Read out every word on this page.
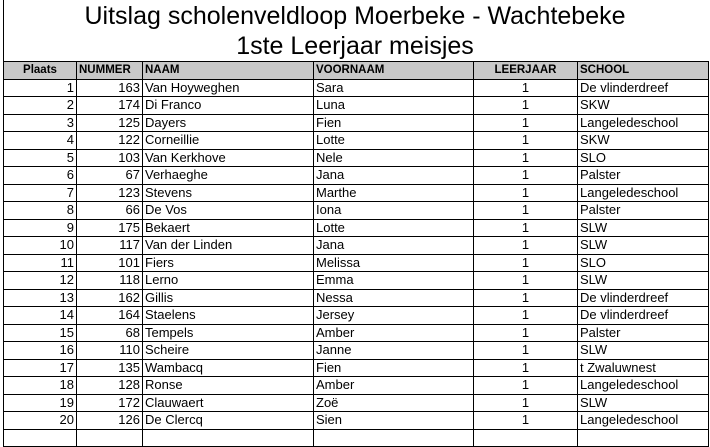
Uitslag scholenveldloop Moerbeke - Wachtebeke
1ste Leerjaar meisjes
Plaats	NUMMER	NAAM	VOORNAAM	LEERJAAR	SCHOOL
1	163	Van Hoyweghen	Sara	1	De vlinderdreef
2	174	Di Franco	Luna	1	SKW
3	125	Dayers	Fien	1	Langeledeschool
4	122	Corneillie	Lotte	1	SKW
5	103	Van Kerkhove	Nele	1	SLO
6	67	Verhaeghe	Jana	1	Palster
7	123	Stevens	Marthe	1	Langeledeschool
8	66	De Vos	Iona	1	Palster
9	175	Bekaert	Lotte	1	SLW
10	117	Van der Linden	Jana	1	SLW
11	101	Fiers	Melissa	1	SLO
12	118	Lerno	Emma	1	SLW
13	162	Gillis	Nessa	1	De vlinderdreef
14	164	Staelens	Jersey	1	De vlinderdreef
15	68	Tempels	Amber	1	Palster
16	110	Scheire	Janne	1	SLW
17	135	Wambacq	Fien	1	t Zwaluwnest
18	128	Ronse	Amber	1	Langeledeschool
19	172	Clauwaert	Zoë	1	SLW
20	126	De Clercq	Sien	1	Langeledeschool
